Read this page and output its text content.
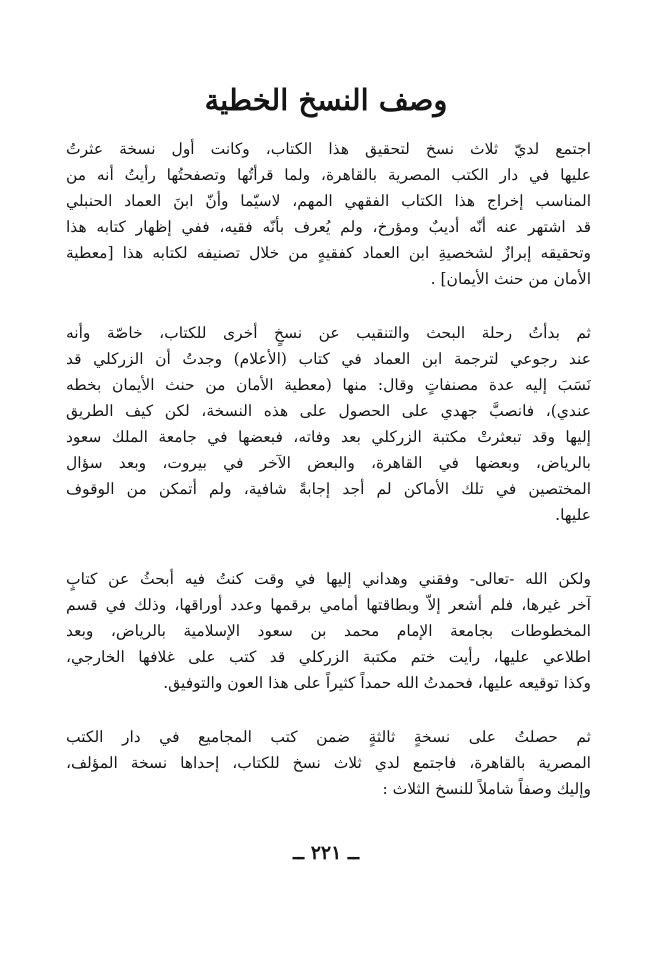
وصف النسخ الخطية
اجتمع لديّ ثلاث نسخ لتحقيق هذا الكتاب، وكانت أول نسخة عثرتُ
عليها في دار الكتب المصرية بالقاهرة، ولما قرأتُها وتصفحتُها رأيتُ أنه من
المناسب إخراج هذا الكتاب الفقهي المهم، لاسيّما وأنّ ابنَ العماد الحنبلي
قد اشتهر عنه أنّه أديبٌ ومؤرخ، ولم يُعرف بأنّه فقيه، ففي إظهار كتابه هذا
وتحقيقه إبرازٌ لشخصيةِ ابن العماد كفقيهٍ من خلال تصنيفه لكتابه هذا [معطية
الأمان من حنث الأيمان] .
ثم بدأتُ رحلة البحث والتنقيب عن نسخٍ أخرى للكتاب، خاصّة وأنه
عند رجوعي لترجمة ابن العماد في كتاب (الأعلام) وجدتُ أن الزركلي قد
نَسَبَ إليه عدة مصنفاتٍ وقال: منها (معطية الأمان من حنث الأيمان بخطه
عندي)، فانصبَّ جهدي على الحصول على هذه النسخة، لكن كيف الطريق
إليها وقد تبعثرتْ مكتبة الزركلي بعد وفاته، فبعضها في جامعة الملك سعود
بالرياض، وبعضها في القاهرة، والبعض الآخر في بيروت، وبعد سؤال
المختصين في تلك الأماكن لم أجد إجابةً شافية، ولم أتمكن من الوقوف
عليها.
ولكن الله -تعالى- وفقني وهداني إليها في وقت كنتُ فيه أبحثُ عن كتابٍ
آخر غيرها، فلم أشعر إلاّ وبطاقتها أمامي برقمها وعدد أوراقها، وذلك في قسم
المخطوطات بجامعة الإمام محمد بن سعود الإسلامية بالرياض، وبعد
اطلاعي عليها، رأيت ختم مكتبة الزركلي قد كتب على غلافها الخارجي،
وكذا توقيعه عليها، فحمدتُ الله حمداً كثيراً على هذا العون والتوفيق.
ثم حصلتُ على نسخةٍ ثالثةٍ ضمن كتب المجاميع في دار الكتب
المصرية بالقاهرة، فاجتمع لدي ثلاث نسخ للكتاب، إحداها نسخة المؤلف،
وإليك وصفاً شاملاً للنسخ الثلاث :
ــ ٢٢١ ــ
